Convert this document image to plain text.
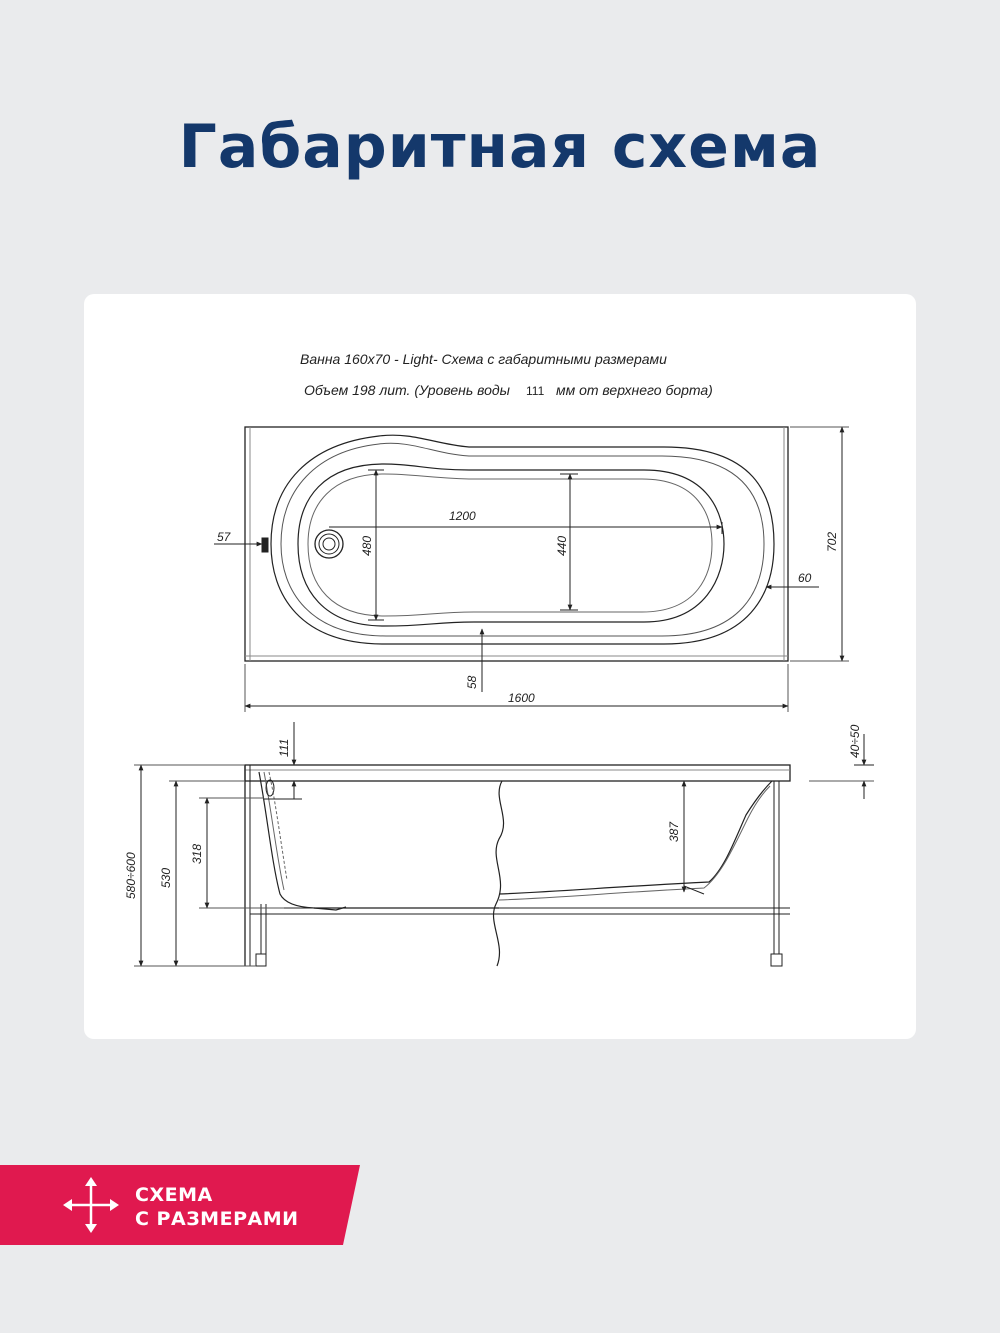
Габаритная схема
Ванна 160x70 - Light- Схема с габаритными размерами
Объем 198 лит. (Уровень воды 111 мм от верхнего борта)
1200
480	440	702
57
60
58
1600
111	40÷50
580÷600 530
318
387
СХЕМА
С РАЗМЕРАМИ
